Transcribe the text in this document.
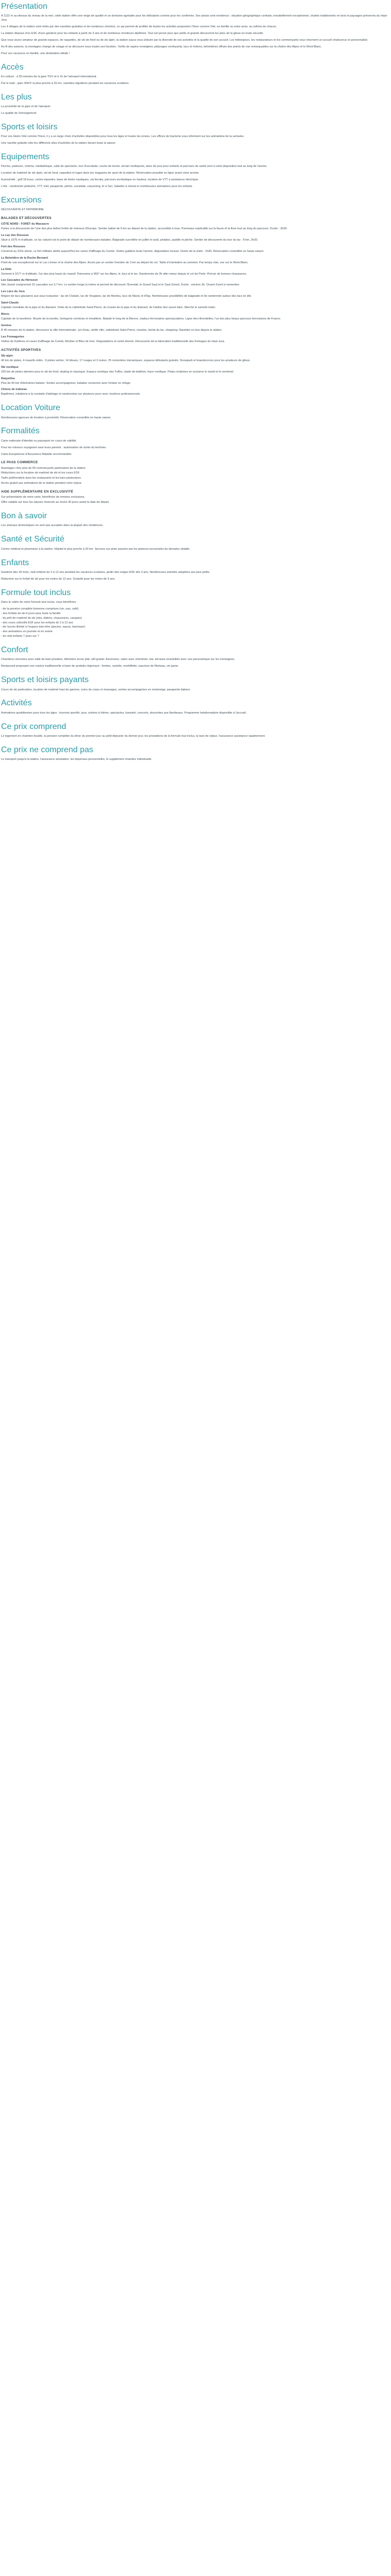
Présentation

A 1122 m au-dessus du niveau de la mer, cette station offre une neige de qualité et un domaine agréable pour les débutants comme pour les confirmés. Ses atouts sont nombreux : situation géographique centrale, ensoleillement exceptionnel, chalets traditionnels en bois et paysages préservés du Haut-Jura.

Les 4 villages de la station sont reliés par des navettes gratuites et de nombreux chemins, ce qui permet de profiter de toutes les activités proposées l'hiver comme l'été, en famille ou entre amis, au rythme de chacun.

La station dispose d'un ESF, d'une garderie pour les enfants à partir de 3 ans et de nombreux moniteurs diplômés. Tout est pensé pour que petits et grands découvrent les joies de la glisse en toute sécurité.

Que vous soyez amateur de grands espaces, de raquettes, de ski de fond ou de ski alpin, la station saura vous séduire par la diversité de ses activités et la qualité de son accueil. Les hébergeurs, les restaurateurs et les commerçants vous réservent un accueil chaleureux et personnalisé.

Au fil des saisons, la montagne change de visage et se découvre sous toutes ses facettes : forêts de sapins enneigées, pâturages verdoyants, lacs et rivières, belvédères offrant des points de vue remarquables sur la chaîne des Alpes et le Mont-Blanc.

Pour vos vacances en famille, une destination idéale !

Accès

En voiture : à 30 minutes de la gare TGV et à 1h de l'aéroport international.

Par le train : gare SNCF la plus proche à 25 km, navettes régulières pendant les vacances scolaires.

Les plus

La proximité de la gare et de l'aéroport

La qualité de l'enneigement

Sports et loisirs

Pour vos loisirs l'été comme l'hiver, il y a un large choix d'activités disponibles pour tous les âges et toutes les envies. Les offices de tourisme vous informent sur les animations de la semaine.

Une navette gratuite relie les différents sites d'activités de la station durant toute la saison.

Equipements

Piscine, patinoire, cinéma, médiathèque, salle de spectacle, mur d'escalade, courts de tennis, terrain multisports, aires de jeux pour enfants et parcours de santé sont à votre disposition tout au long de l'année.

Location de matériel de ski alpin, ski de fond, raquettes et luges dans les magasins de sport de la station. Réservation possible en ligne avant votre arrivée.

A proximité : golf 18 trous, centre équestre, base de loisirs nautiques, via ferrata, parcours acrobatique en hauteur, location de VTT à assistance électrique.

L'été : randonnée pédestre, VTT, trail, parapente, pêche, escalade, canyoning, tir à l'arc, balades à cheval et nombreuses animations pour les enfants.

Excursions

DÉCOUVERTE ET PATRIMOINE

BALADES ET DÉCOUVERTES
CÔTÉ NORD - FORÊT du Massacre

Partez à la découverte de l'une des plus belles forêts de résineux d'Europe. Sentier balisé de 6 km au départ de la station, accessible à tous. Panneaux explicatifs sur la faune et la flore tout au long du parcours. Durée : 2h30.

Le Lac des Rousses

Situé à 1075 m d'altitude, ce lac naturel est le point de départ de nombreuses balades. Baignade surveillée en juillet et août, pédalos, paddle et pêche. Sentier de découverte du tour du lac : 8 km, 2h30.

Fort des Rousses

Construit au XIXe siècle, ce fort militaire abrite aujourd'hui les caves d'affinage du Comté. Visites guidées toute l'année, dégustation incluse. Durée de la visite : 1h30. Réservation conseillée en haute saison.

Le Belvédère de la Roche Bernard

Point de vue exceptionnel sur le Lac Léman et la chaîne des Alpes. Accès par un sentier forestier de 3 km au départ du col. Table d'orientation au sommet. Par temps clair, vue sur le Mont-Blanc.

La Dôle

Sommet à 1677 m d'altitude, l'un des plus hauts du massif. Panorama à 360° sur les Alpes, le Jura et le lac. Randonnée de 3h aller-retour depuis le col de Porte. Prévoir de bonnes chaussures.

Les Cascades du Hérisson

Site classé comprenant 31 cascades sur 3,7 km. Le sentier longe la rivière et permet de découvrir l'Eventail, le Grand Saut et le Saut Girard. Durée : environ 3h. Ouvert d'avril à novembre.

Les Lacs du Jura

Région de lacs glaciaires aux eaux turquoise : lac de Chalain, lac de Vouglans, lac de Bonlieu, lacs de Maclu et d'Ilay. Nombreuses possibilités de baignade et de randonnée autour des lacs en été.

Saint-Claude

Capitale mondiale de la pipe et du diamant. Visite de la cathédrale Saint-Pierre, du musée de la pipe et du diamant, de l'atelier des savoir-faire. Marché le samedi matin.

Morez

Capitale de la lunetterie. Musée de la lunette, horlogerie comtoise et émaillerie. Balade le long de la Bienne, viaducs ferroviaires spectaculaires. Ligne des Hirondelles, l'un des plus beaux parcours ferroviaires de France.

Genève

À 45 minutes de la station, découvrez la ville internationale : jet d'eau, vieille ville, cathédrale Saint-Pierre, musées, bords du lac, shopping. Navettes en bus depuis la station.

Les Fromageries

Visites de fruitières et caves d'affinage de Comté, Morbier et Bleu de Gex. Dégustations et vente directe. Découverte de la fabrication traditionnelle des fromages du Haut-Jura.

ACTIVITÉS SPORTIVES
Ski alpin

40 km de pistes, 4 massifs reliés : 6 pistes vertes, 14 bleues, 17 rouges et 3 noires. 25 remontées mécaniques, espaces débutants gratuits. Snowpark et boardercross pour les amateurs de glisse.

Ski nordique

220 km de pistes damées pour le ski de fond, skating et classique. Espace nordique des Tuffes, stade de biathlon, foyer nordique. Pistes éclairées en nocturne le mardi et le vendredi.

Raquettes

Plus de 60 km d'itinéraires balisés. Sorties accompagnées, balades nocturnes avec fondue en refuge.

Chiens de traîneau

Baptêmes, initiations à la conduite d'attelage et randonnées sur plusieurs jours avec mushers professionnels.

Location Voiture

Nombreuses agences de location à proximité. Réservation conseillée en haute saison.

Formalités

Carte nationale d'identité ou passeport en cours de validité.

Pour les mineurs voyageant sans leurs parents : autorisation de sortie du territoire.

Carte Européenne d'Assurance Maladie recommandée.

LE PASS COMMERCE
Avantages chez plus de 60 commerçants partenaires de la station.
Réductions sur la location de matériel de ski et les cours ESF.
Tarifs préférentiels dans les restaurants et les bars partenaires.
Accès gratuit aux animations de la station pendant votre séjour.
AIDE SUPPLÉMENTAIRE EN EXCLUSIVITÉ
Sur présentation de votre carte, bénéficiez de remises exclusives.
Offre valable sur tous les séjours réservés au moins 30 jours avant la date de départ.
Bon à savoir

Les animaux domestiques ne sont pas acceptés dans la plupart des résidences.

Santé et Sécurité

Centre médical et pharmacie à la station. Hôpital le plus proche à 20 km. Secours sur piste assurés par les pisteurs-secouristes du domaine skiable.

Enfants

Garderie dès 18 mois, club enfants de 3 à 12 ans pendant les vacances scolaires, jardin des neiges ESF dès 3 ans. Nombreuses activités adaptées aux plus petits.

Réduction sur le forfait de ski pour les moins de 12 ans. Gratuité pour les moins de 5 ans.

Formule tout inclus

Dans le cadre de notre formule tout inclus, vous bénéficiez :

- de la pension complète boissons comprises (vin, eau, café)
- des forfaits de ski 6 jours pour toute la famille
- du prêt de matériel de ski (skis, bâtons, chaussures, casques)
- des cours collectifs ESF pour les enfants de 3 à 12 ans
- de l'accès illimité à l'espace bien-être (piscine, sauna, hammam)
- des animations en journée et en soirée
- du club enfants 7 jours sur 7
Confort

Chambres rénovées avec salle de bain privative, télévision écran plat, wifi gratuit. Ascenseur, salon avec cheminée, bar, terrasse ensoleillée avec vue panoramique sur les montagnes.

Restaurant proposant une cuisine traditionnelle à base de produits régionaux : fondue, raclette, morbiflette, saucisse de Morteau, vin jaune.

Sports et loisirs payants

Cours de ski particuliers, location de matériel haut de gamme, soins du corps et massages, sorties accompagnées en motoneige, parapente biplace.

Activités

Animations quotidiennes pour tous les âges : tournois sportifs, jeux, soirées à thème, spectacles, karaoké, concerts, descentes aux flambeaux. Programme hebdomadaire disponible à l'accueil.

Ce prix comprend

Le logement en chambre double, la pension complète du dîner du premier jour au petit-déjeuner du dernier jour, les prestations de la formule tout inclus, la taxe de séjour, l'assurance assistance rapatriement.

Ce prix ne comprend pas

Le transport jusqu'à la station, l'assurance annulation, les dépenses personnelles, le supplément chambre individuelle.
